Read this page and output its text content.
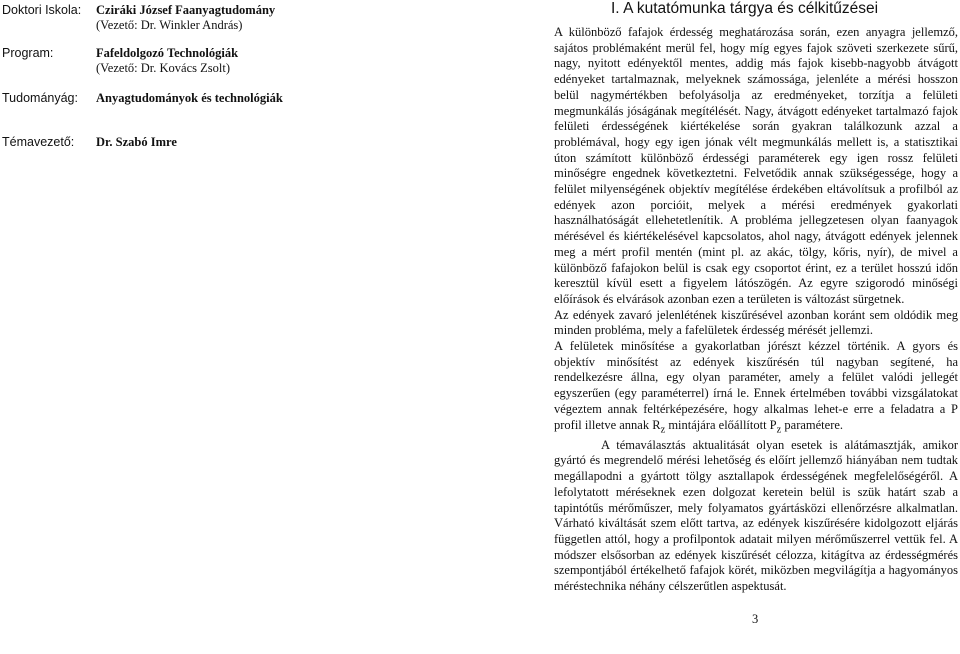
Doktori Iskola:	Cziráki József Faanyagtudomány
(Vezető: Dr. Winkler András)
Program:	Fafeldolgozó Technológiák
(Vezető: Dr. Kovács Zsolt)
Tudományág:	Anyagtudományok és technológiák
Témavezető:	Dr. Szabó Imre
I. A kutatómunka tárgya és célkitűzései

A különböző fafajok érdesség meghatározása során, ezen anyagra jellemző, sajátos problémaként merül fel, hogy míg egyes fajok szöveti szerkezete sűrű, nagy, nyitott edényektől mentes, addig más fajok kisebb-nagyobb átvágott edényeket tartalmaznak, melyeknek számossága, jelenléte a mérési hosszon belül nagymértékben befolyásolja az eredményeket, torzítja a felületi megmunkálás jóságának megítélését. Nagy, átvágott edényeket tartalmazó fajok felületi érdességének kiértékelése során gyakran találkozunk azzal a problémával, hogy egy igen jónak vélt megmunkálás mellett is, a statisztikai úton számított különböző érdességi paraméterek egy igen rossz felületi minőségre engednek következtetni. Felvetődik annak szükségessége, hogy a felület milyenségének objektív megítélése érdekében eltávolítsuk a profilból az edények azon porcióit, melyek a mérési eredmények gyakorlati használhatóságát ellehetetlenítik. A probléma jellegzetesen olyan faanyagok mérésével és kiértékelésével kapcsolatos, ahol nagy, átvágott edények jelennek meg a mért profil mentén (mint pl. az akác, tölgy, kőris, nyír), de mivel a különböző fafajokon belül is csak egy csoportot érint, ez a terület hosszú időn keresztül kívül esett a figyelem látószögén. Az egyre szigorodó minőségi előírások és elvárások azonban ezen a területen is változást sürgetnek.

Az edények zavaró jelenlétének kiszűrésével azonban koránt sem oldódik meg minden probléma, mely a fafelületek érdesség mérését jellemzi.

A felületek minősítése a gyakorlatban jórészt kézzel történik. A gyors és objektív minősítést az edények kiszűrésén túl nagyban segítené, ha rendelkezésre állna, egy olyan paraméter, amely a felület valódi jellegét egyszerűen (egy paraméterrel) írná le. Ennek értelmében további vizsgálatokat végeztem annak feltérképezésére, hogy alkalmas lehet-e erre a feladatra a P profil illetve annak $R_z$ mintájára előállított $P_z$ paramétere.

A témaválasztás aktualitását olyan esetek is alátámasztják, amikor gyártó és megrendelő mérési lehetőség és előírt jellemző hiányában nem tudtak megállapodni a gyártott tölgy asztallapok érdességének megfelelőségéről. A lefolytatott méréseknek ezen dolgozat keretein belül is szük határt szab a tapintótűs mérőműszer, mely folyamatos gyártásközi ellenőrzésre alkalmatlan. Várható kiváltását szem előtt tartva, az edények kiszűrésére kidolgozott eljárás független attól, hogy a profilpontok adatait milyen mérőműszerrel vettük fel. A módszer elsősorban az edények kiszűrését célozza, kitágítva az érdességmérés szempontjából értékelhető fafajok körét, miközben megvilágítja a hagyományos méréstechnika néhány célszerűtlen aspektusát.

3
